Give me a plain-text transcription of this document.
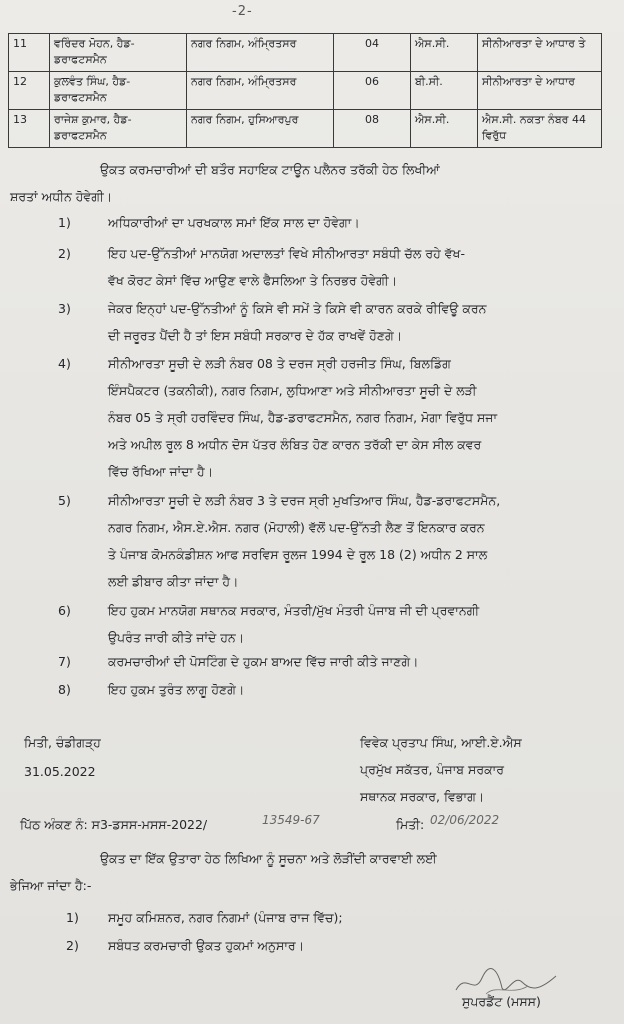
-2-
11	ਵਰਿੰਦਰ ਮੋਹਨ, ਹੈਡ-ਡਰਾਫਟਸਮੈਨ	ਨਗਰ ਨਿਗਮ, ਅੰਮ੍ਰਿਤਸਰ	04	ਐਸ.ਸੀ.	ਸੀਨੀਆਰਤਾ ਦੇ ਆਧਾਰ ਤੇ
12	ਕੁਲਵੰਤ ਸਿੰਘ, ਹੈਡ-ਡਰਾਫਟਸਮੈਨ	ਨਗਰ ਨਿਗਮ, ਅੰਮ੍ਰਿਤਸਰ	06	ਬੀ.ਸੀ.	ਸੀਨੀਆਰਤਾ ਦੇ ਆਧਾਰ
13	ਰਾਜੇਸ਼ ਕੁਮਾਰ, ਹੈਡ-ਡਰਾਫਟਸਮੈਨ	ਨਗਰ ਨਿਗਮ, ਹੁਸਿਆਰਪੁਰ	08	ਐਸ.ਸੀ.	ਐਸ.ਸੀ. ਨਕਤਾ ਨੰਬਰ 44 ਵਿਰੁੱਧ
ਉਕਤ ਕਰਮਚਾਰੀਆਂ ਦੀ ਬਤੌਰ ਸਹਾਇਕ ਟਾਊਨ ਪਲੈਨਰ ਤਰੱਕੀ ਹੇਠ ਲਿਖੀਆਂ
ਸ਼ਰਤਾਂ ਅਧੀਨ ਹੋਵੇਗੀ।
1)	ਅਧਿਕਾਰੀਆਂ ਦਾ ਪਰਖਕਾਲ ਸਮਾਂ ਇੱਕ ਸਾਲ ਦਾ ਹੋਵੇਗਾ।
2)	ਇਹ ਪਦ-ਉੱਨਤੀਆਂ ਮਾਨਯੋਗ ਅਦਾਲਤਾਂ ਵਿਖੇ ਸੀਨੀਆਰਤਾ ਸਬੰਧੀ ਚੱਲ ਰਹੇ ਵੱਖ-
ਵੱਖ ਕੋਰਟ ਕੇਸਾਂ ਵਿੱਚ ਆਉਣ ਵਾਲੇ ਫੈਸਲਿਆ ਤੇ ਨਿਰਭਰ ਹੋਵੇਗੀ।
3)	ਜੇਕਰ ਇਨ੍ਹਾਂ ਪਦ-ਉੱਨਤੀਆਂ ਨੂੰ ਕਿਸੇ ਵੀ ਸਮੇਂ ਤੇ ਕਿਸੇ ਵੀ ਕਾਰਨ ਕਰਕੇ ਰੀਵਿਊ ਕਰਨ
ਦੀ ਜਰੂਰਤ ਪੈਂਦੀ ਹੈ ਤਾਂ ਇਸ ਸਬੰਧੀ ਸਰਕਾਰ ਦੇ ਹੱਕ ਰਾਖਵੇਂ ਹੋਣਗੇ।
4)	ਸੀਨੀਆਰਤਾ ਸੂਚੀ ਦੇ ਲੜੀ ਨੰਬਰ 08 ਤੇ ਦਰਜ ਸ੍ਰੀ ਹਰਜੀਤ ਸਿੰਘ, ਬਿਲਡਿੰਗ
ਇੰਸਪੈਕਟਰ (ਤਕਨੀਕੀ), ਨਗਰ ਨਿਗਮ, ਲੁਧਿਆਣਾ ਅਤੇ ਸੀਨੀਆਰਤਾ ਸੂਚੀ ਦੇ ਲੜੀ
ਨੰਬਰ 05 ਤੇ ਸ੍ਰੀ ਹਰਵਿੰਦਰ ਸਿੰਘ, ਹੈਡ-ਡਰਾਫਟਸਮੈਨ, ਨਗਰ ਨਿਗਮ, ਮੋਗਾ ਵਿਰੁੱਧ ਸਜਾ
ਅਤੇ ਅਪੀਲ ਰੂਲ 8 ਅਧੀਨ ਦੋਸ ਪੱਤਰ ਲੰਬਿਤ ਹੋਣ ਕਾਰਨ ਤਰੱਕੀ ਦਾ ਕੇਸ ਸੀਲ ਕਵਰ
ਵਿੱਚ ਰੱਖਿਆ ਜਾਂਦਾ ਹੈ।
5)	ਸੀਨੀਆਰਤਾ ਸੂਚੀ ਦੇ ਲੜੀ ਨੰਬਰ 3 ਤੇ ਦਰਜ ਸ੍ਰੀ ਮੁਖਤਿਆਰ ਸਿੰਘ, ਹੈਡ-ਡਰਾਫਟਸਮੈਨ,
ਨਗਰ ਨਿਗਮ, ਐਸ.ਏ.ਐਸ. ਨਗਰ (ਮੋਹਾਲੀ) ਵੱਲੋਂ ਪਦ-ਉੱਨਤੀ ਲੈਣ ਤੋਂ ਇਨਕਾਰ ਕਰਨ
ਤੇ ਪੰਜਾਬ ਕੋਮਨਕੰਡੀਸ਼ਨ ਆਫ ਸਰਵਿਸ ਰੂਲਜ 1994 ਦੇ ਰੂਲ 18 (2) ਅਧੀਨ 2 ਸਾਲ
ਲਈ ਡੀਬਾਰ ਕੀਤਾ ਜਾਂਦਾ ਹੈ।
6)	ਇਹ ਹੁਕਮ ਮਾਨਯੋਗ ਸਥਾਨਕ ਸਰਕਾਰ, ਮੰਤਰੀ/ਮੁੱਖ ਮੰਤਰੀ ਪੰਜਾਬ ਜੀ ਦੀ ਪ੍ਰਵਾਨਗੀ
ਉਪਰੰਤ ਜਾਰੀ ਕੀਤੇ ਜਾਂਦੇ ਹਨ।
7)	ਕਰਮਚਾਰੀਆਂ ਦੀ ਪੋਸਟਿੰਗ ਦੇ ਹੁਕਮ ਬਾਅਦ ਵਿੱਚ ਜਾਰੀ ਕੀਤੇ ਜਾਣਗੇ।
8)	ਇਹ ਹੁਕਮ ਤੁਰੰਤ ਲਾਗੂ ਹੋਣਗੇ।
ਮਿਤੀ, ਚੰਡੀਗੜ੍ਹ
31.05.2022
ਵਿਵੇਕ ਪ੍ਰਤਾਪ ਸਿੰਘ, ਆਈ.ਏ.ਐਸ
ਪ੍ਰਮੁੱਖ ਸਕੱਤਰ, ਪੰਜਾਬ ਸਰਕਾਰ
ਸਥਾਨਕ ਸਰਕਾਰ, ਵਿਭਾਗ।
ਪਿੱਠ ਅੰਕਣ ਨੰ: ਸ3-ਡਸਸ-ਮਸਸ-2022/	13549-67	ਮਿਤੀ: 02/06/2022
ਉਕਤ ਦਾ ਇੱਕ ਉਤਾਰਾ ਹੇਠ ਲਿਖਿਆ ਨੂੰ ਸੂਚਨਾ ਅਤੇ ਲੋੜੀਂਦੀ ਕਾਰਵਾਈ ਲਈ
ਭੇਜਿਆ ਜਾਂਦਾ ਹੈ:-
1)	ਸਮੂਹ ਕਮਿਸ਼ਨਰ, ਨਗਰ ਨਿਗਮਾਂ (ਪੰਜਾਬ ਰਾਜ ਵਿੱਚ);
2)	ਸਬੰਧਤ ਕਰਮਚਾਰੀ ਉਕਤ ਹੁਕਮਾਂ ਅਨੁਸਾਰ।
ਸੁਪਰਡੈਂਟ (ਮਸਸ)
